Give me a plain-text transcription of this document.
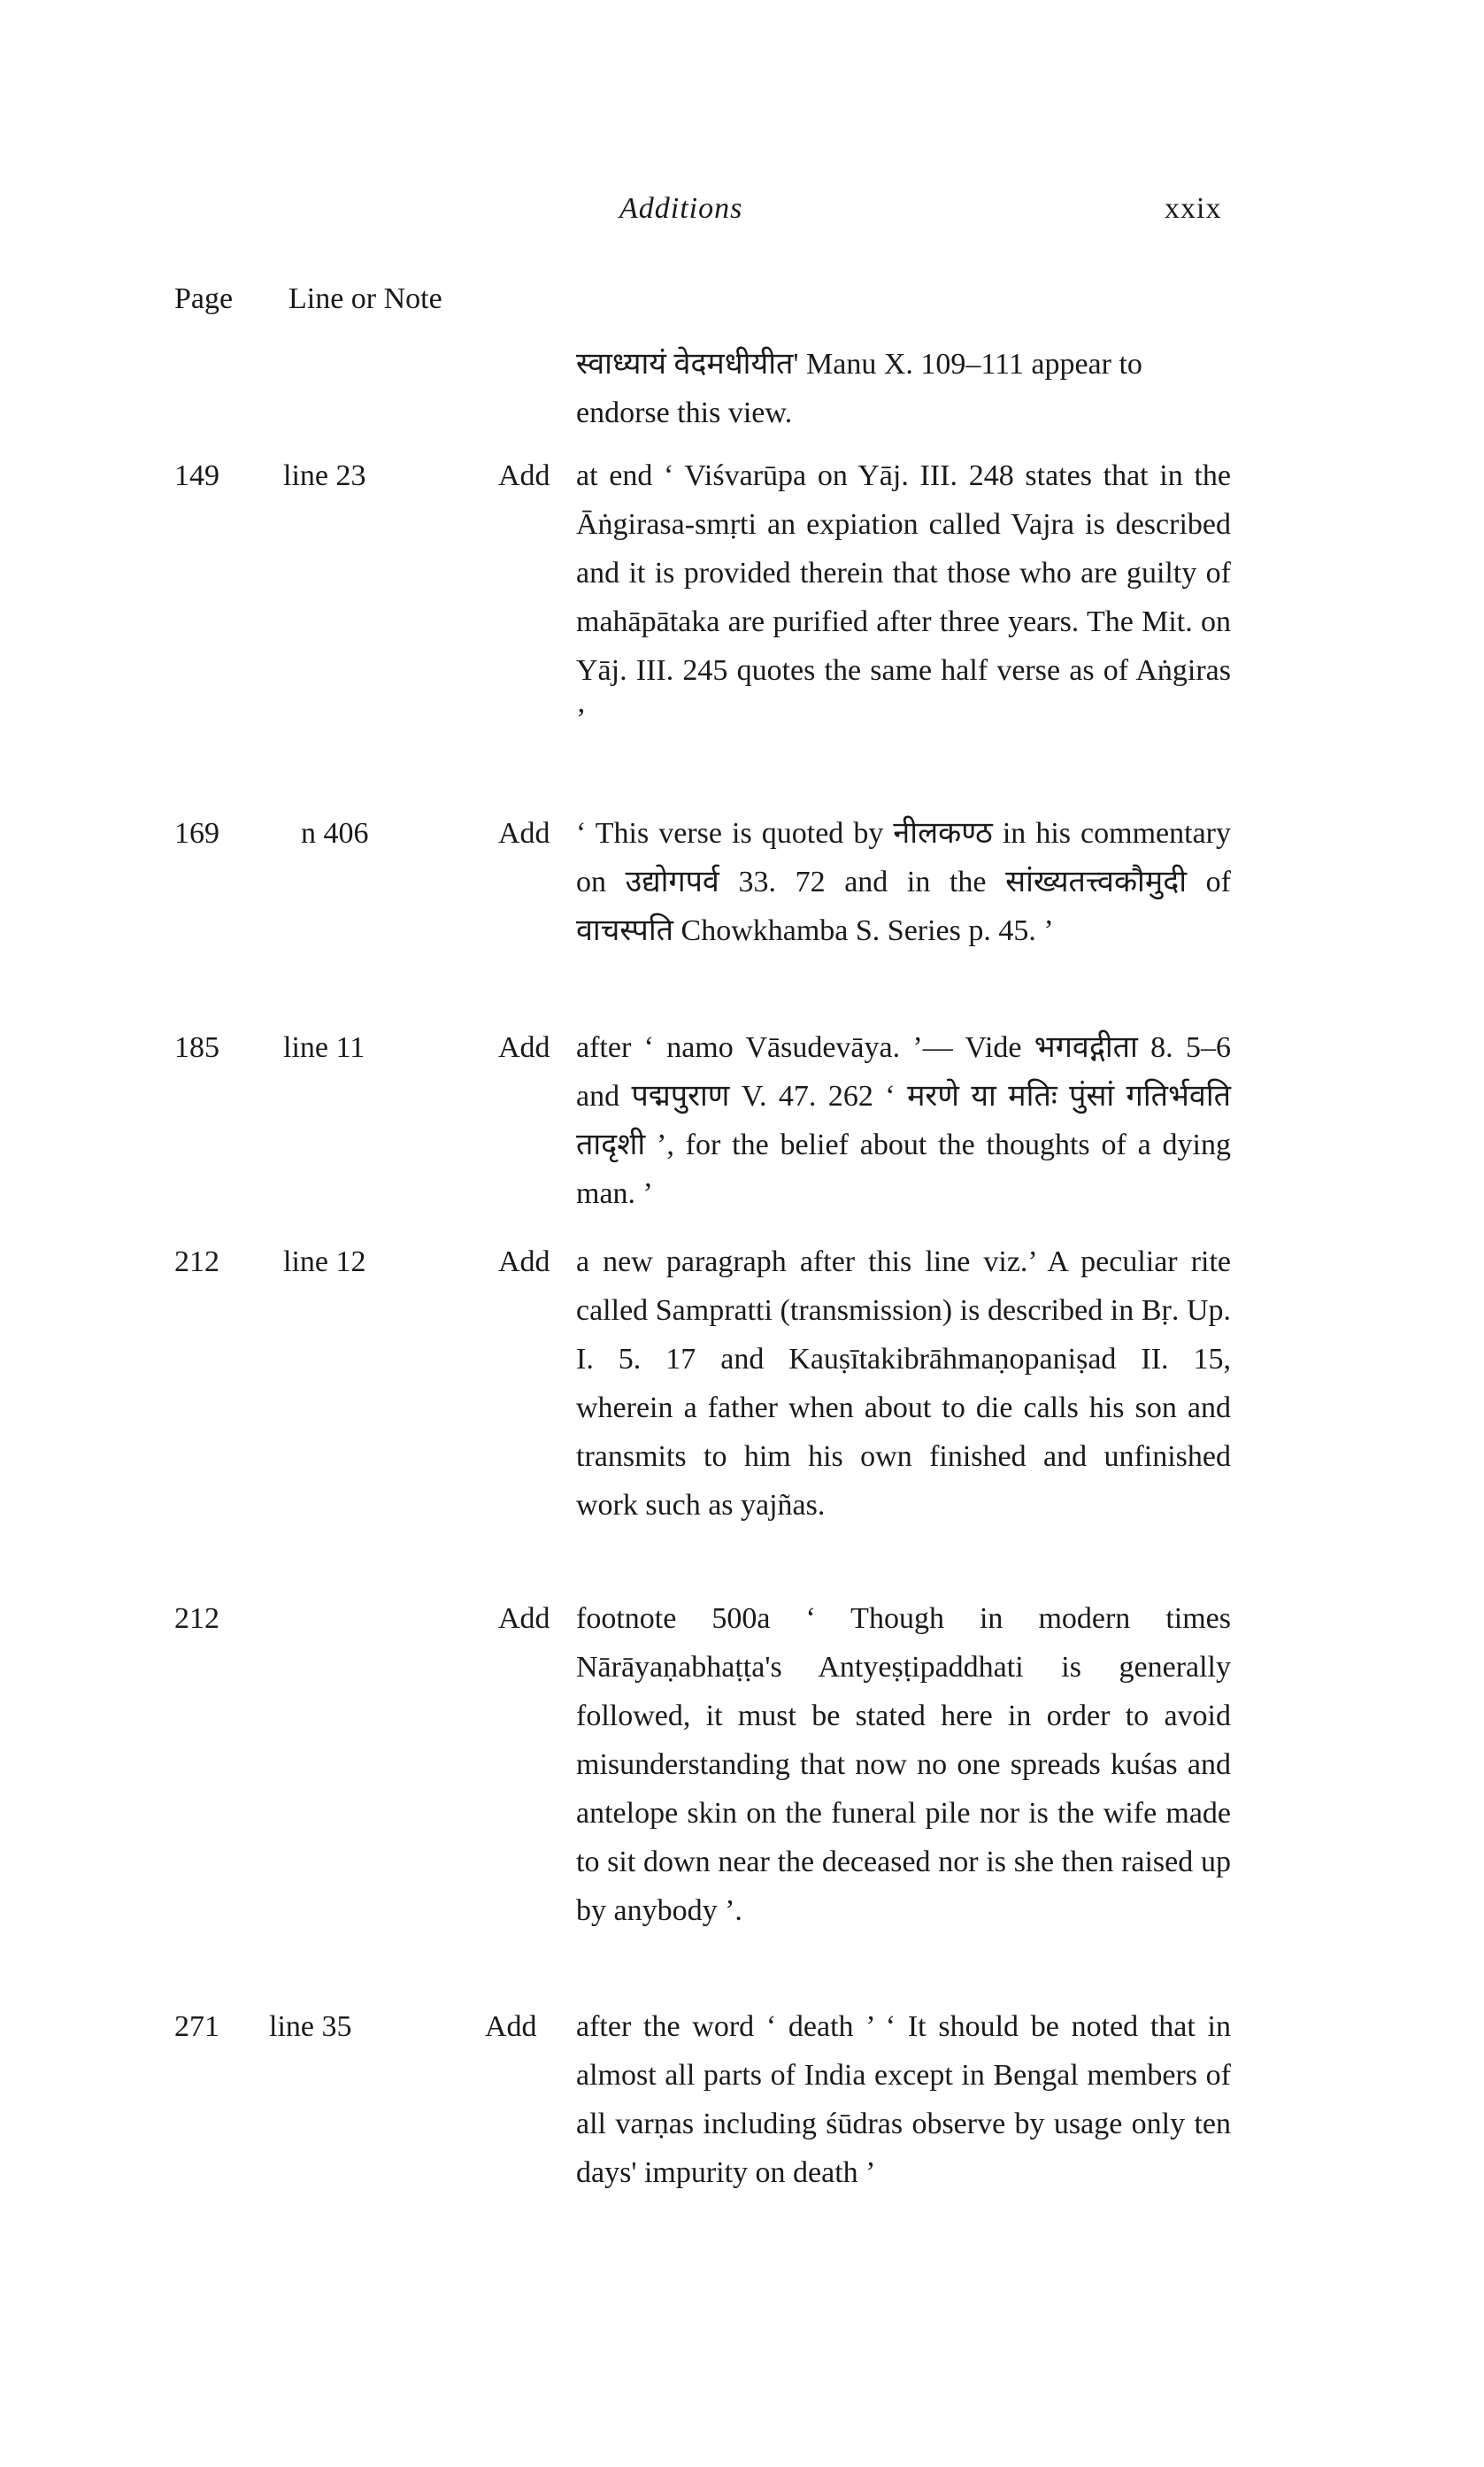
Additions	xxix
Page Line or Note
स्वाध्यायं वेदमधीयीत' Manu X. 109–111 appear to endorse this view.
149 line 23	Add at end ‘ Viśvarūpa on Yāj. III. 248 states that in the Āṅgirasa-smṛti an expiation called Vajra is described and it is provided therein that those who are guilty of mahāpātaka are purified after three years. The Mit. on Yāj. III. 245 quotes the same half verse as of Aṅgiras ’
169	n 406	Add ‘ This verse is quoted by नीलकण्ठ in his commentary on उद्योगपर्व 33. 72 and in the सांख्यतत्त्वकौमुदी of वाचस्पति Chowkhamba S. Series p. 45. ’
185 line 11	Add after ‘ namo Vāsudevāya. ’— Vide भगवद्गीता 8. 5–6 and पद्मपुराण V. 47. 262 ‘ मरणे या मतिः पुंसां गतिर्भवति तादृशी ’, for the belief about the thoughts of a dying man. ’
212 line 12	Add a new paragraph after this line viz.’ A peculiar rite called Sampratti (transmission) is described in Bṛ. Up. I. 5. 17 and Kauṣītakibrāhmaṇopaniṣad II. 15, wherein a father when about to die calls his son and transmits to him his own finished and unfinished work such as yajñas.
212	Add footnote 500a ‘ Though in modern times Nārāyaṇabhaṭṭa's Antyeṣṭipaddhati is generally followed, it must be stated here in order to avoid misunderstanding that now no one spreads kuśas and antelope skin on the funeral pile nor is the wife made to sit down near the deceased nor is she then raised up by anybody ’.
271 line 35	Add after the word ‘ death ’ ‘ It should be noted that in almost all parts of India except in Bengal members of all varṇas including śūdras observe by usage only ten days' impurity on death ’
